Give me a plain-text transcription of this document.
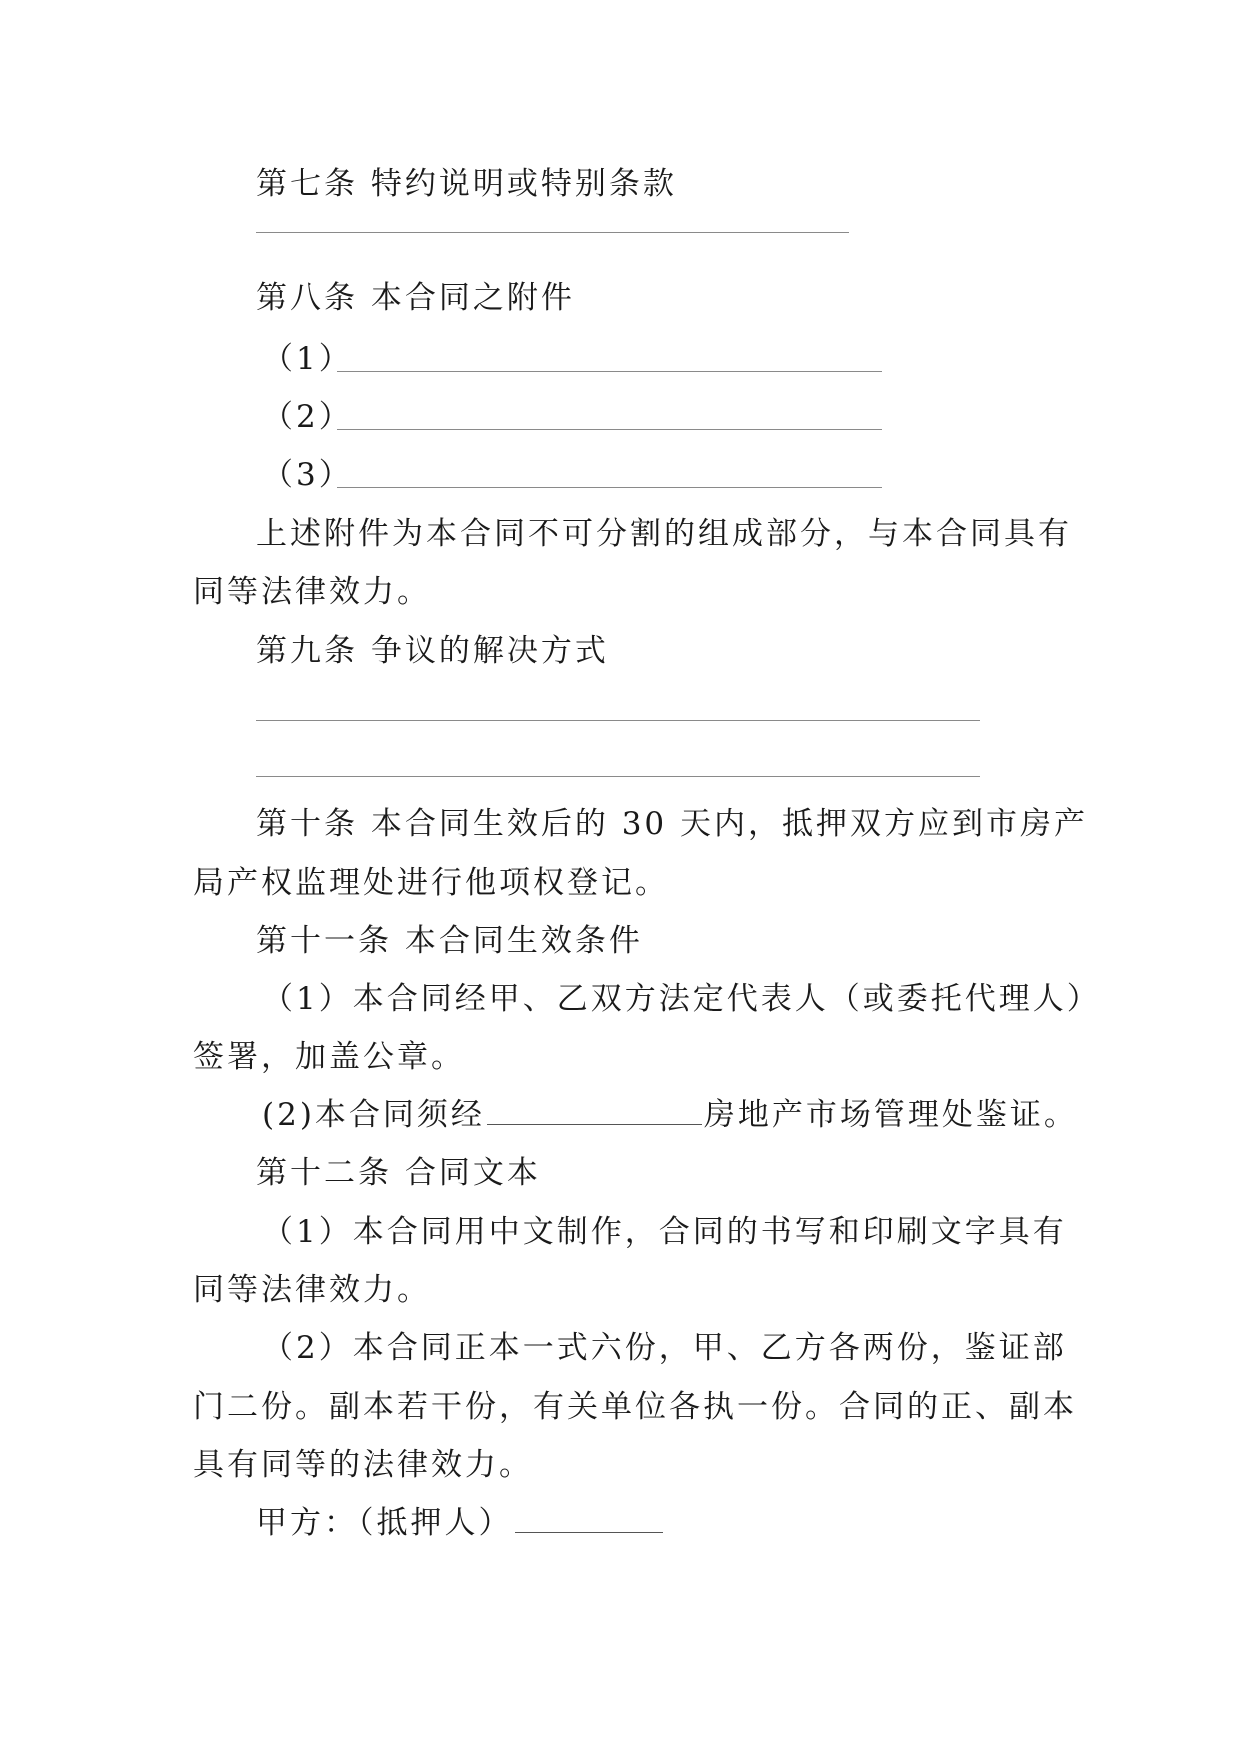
第七条 特约说明或特别条款
第八条 本合同之附件
（1）
（2）
（3）
上述附件为本合同不可分割的组成部分，与本合同具有
同等法律效力。
第九条 争议的解决方式
第十条 本合同生效后的 30 天内，抵押双方应到市房产
局产权监理处进行他项权登记。
第十一条 本合同生效条件
（1）本合同经甲、乙双方法定代表人（或委托代理人）
签署，加盖公章。
(2)本合同须经	房地产市场管理处鉴证。
第十二条 合同文本
（1）本合同用中文制作，合同的书写和印刷文字具有
同等法律效力。
（2）本合同正本一式六份，甲、乙方各两份，鉴证部
门二份。副本若干份，有关单位各执一份。合同的正、副本
具有同等的法律效力。
甲方：（抵押人）
